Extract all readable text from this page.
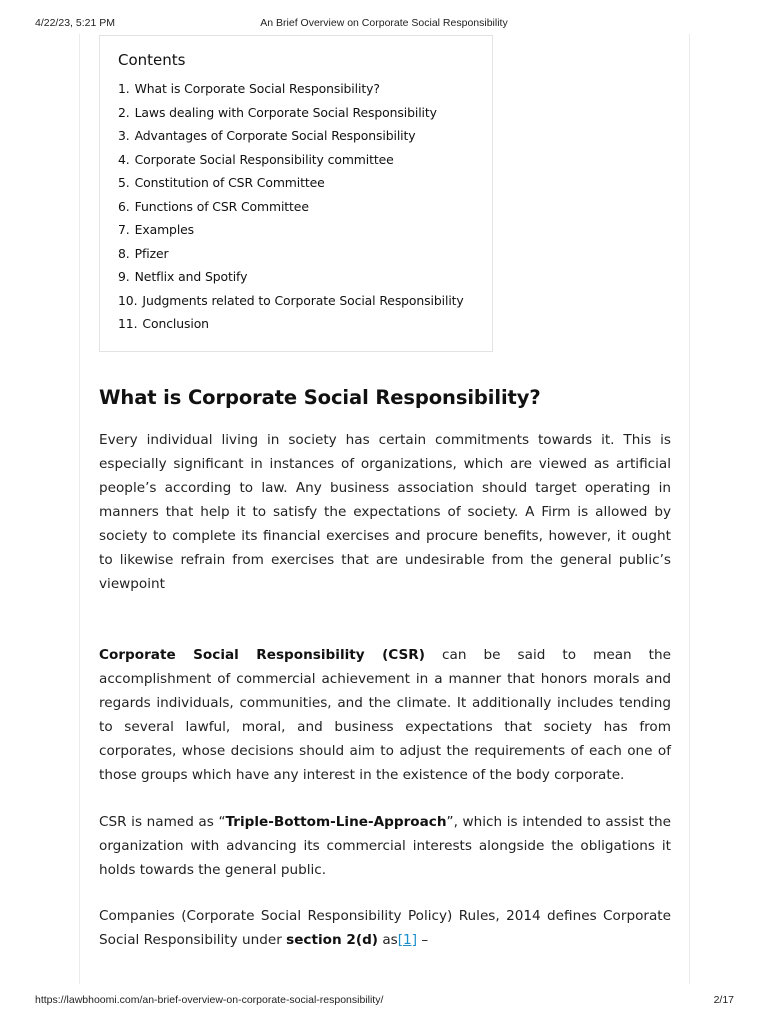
4/22/23, 5:21 PM	An Brief Overview on Corporate Social Responsibility
Contents
1. What is Corporate Social Responsibility?
2. Laws dealing with Corporate Social Responsibility
3. Advantages of Corporate Social Responsibility
4. Corporate Social Responsibility committee
5. Constitution of CSR Committee
6. Functions of CSR Committee
7. Examples
8. Pfizer
9. Netflix and Spotify
10. Judgments related to Corporate Social Responsibility
11. Conclusion
What is Corporate Social Responsibility?

Every individual living in society has certain commitments towards it. This is especially significant in instances of organizations, which are viewed as artificial people’s according to law. Any business association should target operating in manners that help it to satisfy the expectations of society. A Firm is allowed by society to complete its financial exercises and procure benefits, however, it ought to likewise refrain from exercises that are undesirable from the general public’s viewpoint

Corporate Social Responsibility (CSR) can be said to mean the accomplishment of commercial achievement in a manner that honors morals and regards individuals, communities, and the climate. It additionally includes tending to several lawful, moral, and business expectations that society has from corporates, whose decisions should aim to adjust the requirements of each one of those groups which have any interest in the existence of the body corporate.

CSR is named as “Triple-Bottom-Line-Approach”, which is intended to assist the organization with advancing its commercial interests alongside the obligations it holds towards the general public.

Companies (Corporate Social Responsibility Policy) Rules, 2014 defines Corporate Social Responsibility under section 2(d) as[1] –

https://lawbhoomi.com/an-brief-overview-on-corporate-social-responsibility/	2/17
